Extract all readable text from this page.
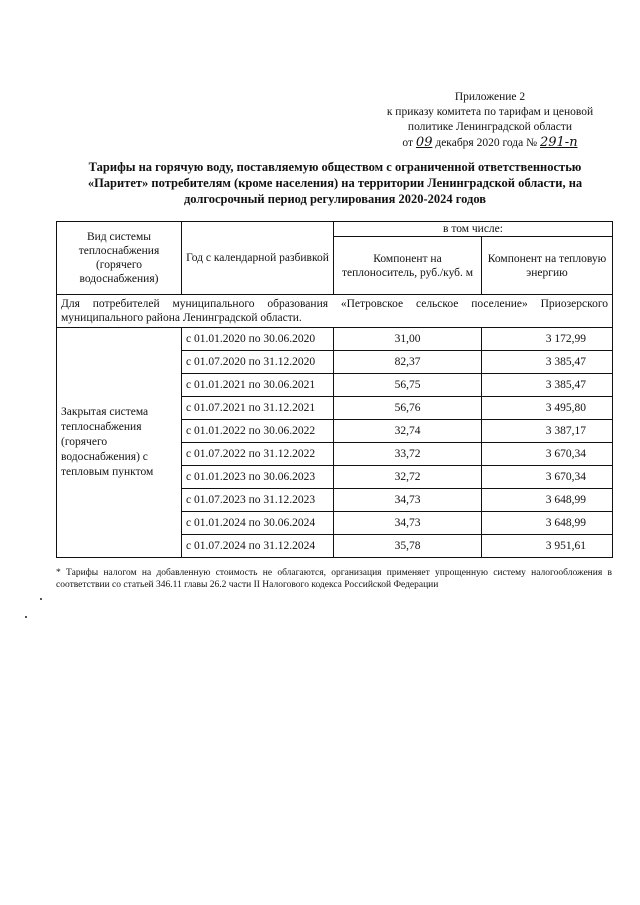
Приложение 2
к приказу комитета по тарифам и ценовой
политике Ленинградской области
от 09 декабря 2020 года № 291-п
Тарифы на горячую воду, поставляемую обществом с ограниченной ответственностью «Паритет» потребителям (кроме населения) на территории Ленинградской области, на долгосрочный период регулирования 2020-2024 годов
Вид системы теплоснабжения (горячего водоснабжения)	Год с календарной разбивкой	в том числе:	
		Компонент на теплоноситель, руб./куб. м	Компонент на тепловую энергию
Для потребителей муниципального образования «Петровское сельское поселение» Приозерского муниципального района Ленинградской области.			
Закрытая система теплоснабжения (горячего водоснабжения) с тепловым пунктом	с 01.01.2020 по 30.06.2020	31,00	3 172,99
	с 01.07.2020 по 31.12.2020	82,37	3 385,47
	с 01.01.2021 по 30.06.2021	56,75	3 385,47
	с 01.07.2021 по 31.12.2021	56,76	3 495,80
	с 01.01.2022 по 30.06.2022	32,74	3 387,17
	с 01.07.2022 по 31.12.2022	33,72	3 670,34
	с 01.01.2023 по 30.06.2023	32,72	3 670,34
	с 01.07.2023 по 31.12.2023	34,73	3 648,99
	с 01.01.2024 по 30.06.2024	34,73	3 648,99
	с 01.07.2024 по 31.12.2024	35,78	3 951,61
* Тарифы налогом на добавленную стоимость не облагаются, организация применяет упрощенную систему налогообложения в соответствии со статьей 346.11 главы 26.2 части II Налогового кодекса Российской Федерации
